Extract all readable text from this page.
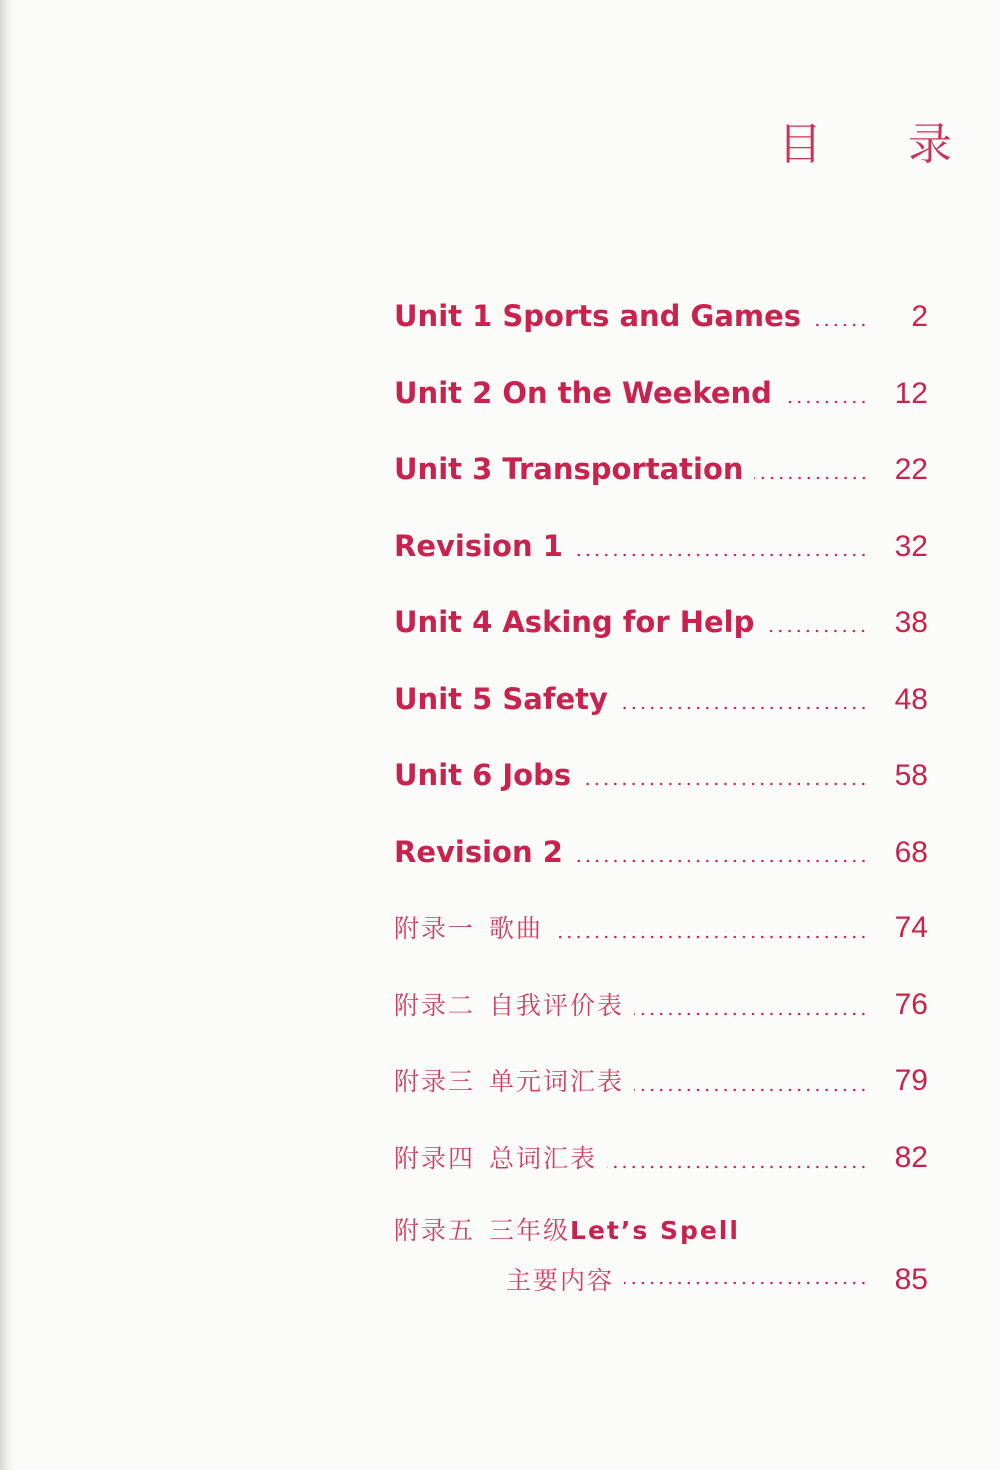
目 录
Unit 1 Sports and Games	2
Unit 2 On the Weekend	12
Unit 3 Transportation	22
Revision 1	32
Unit 4 Asking for Help	38
Unit 5 Safety	48
Unit 6 Jobs	58
Revision 2	68
附录一 歌曲	74
附录二 自我评价表	76
附录三 单元词汇表	79
附录四 总词汇表	82
附录五 三年级Let’s Spell
主要内容	85
